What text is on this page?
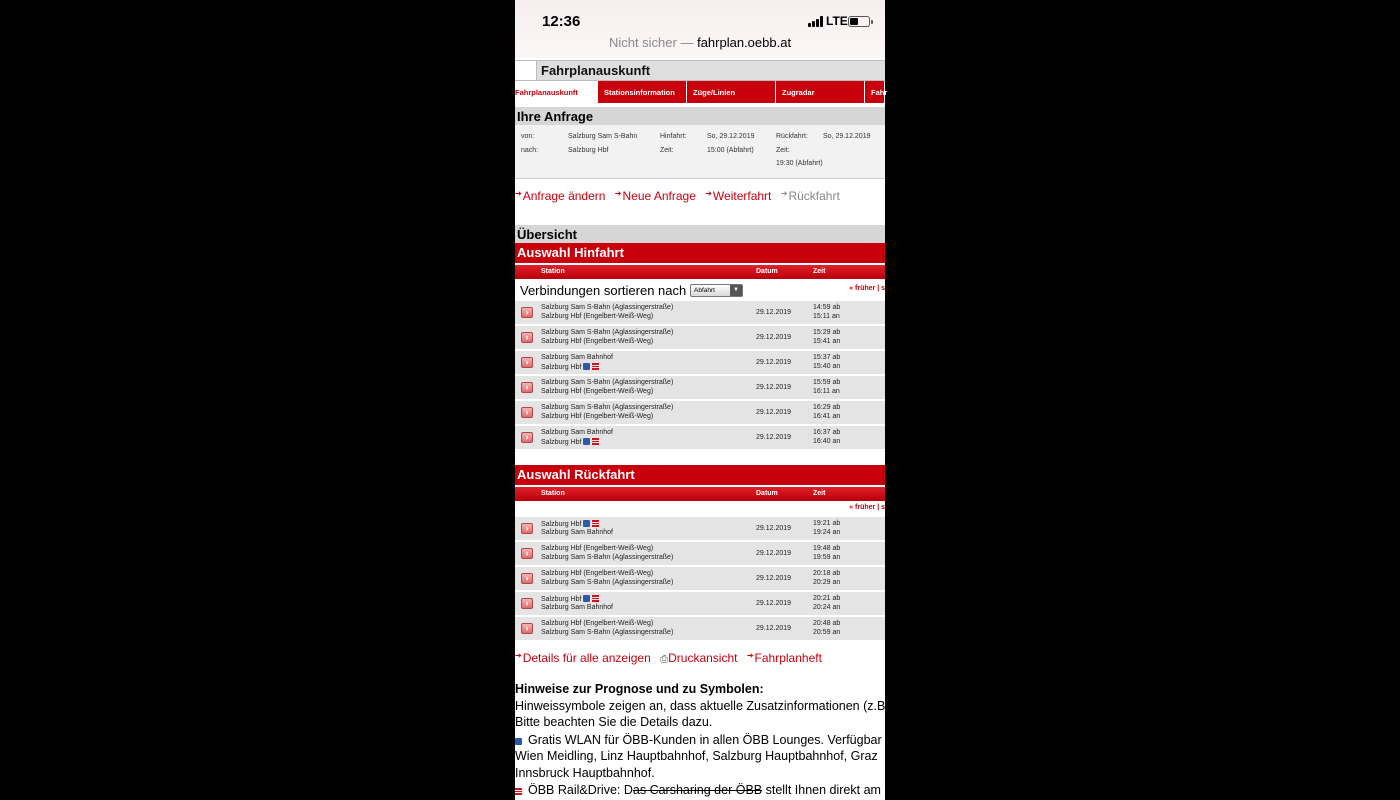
12:36	LTE
Nicht sicher — fahrplan.oebb.at
Fahrplanauskunft
Fahrplanauskunft	Stationsinformation	Züge/Linien	Zugradar	Fahr
Ihre Anfrage
von:	Salzburg Sam S-Bahn	Hinfahrt:	So, 29.12.2019	Rückfahrt: So, 29.12.2019
nach:	Salzburg Hbf	Zeit:	15:00 (Abfahrt)	Zeit:
19:30 (Abfahrt)
➔Anfrage ändern ➔Neue Anfrage ➔Weiterfahrt ➔Rückfahrt
Übersicht
Auswahl Hinfahrt
Station	Datum	Zeit
Verbindungen sortieren nach	Abfahrt	▼	« früher | s
›	Salzburg Sam S-Bahn (Aglassingerstraße)
Salzburg Hbf (Engelbert-Weiß-Weg)
29.12.2019
14:59 ab
15:11 an
›	Salzburg Sam S-Bahn (Aglassingerstraße)
Salzburg Hbf (Engelbert-Weiß-Weg)
29.12.2019
15:29 ab
15:41 an
›	Salzburg Sam Bahnhof
Salzburg Hbf
29.12.2019
15:37 ab
15:40 an
›	Salzburg Sam S-Bahn (Aglassingerstraße)
Salzburg Hbf (Engelbert-Weiß-Weg)
29.12.2019
15:59 ab
16:11 an
›	Salzburg Sam S-Bahn (Aglassingerstraße)
Salzburg Hbf (Engelbert-Weiß-Weg)
29.12.2019
16:29 ab
16:41 an
›	Salzburg Sam Bahnhof
Salzburg Hbf
29.12.2019
16:37 ab
16:40 an
Auswahl Rückfahrt
Station	Datum	Zeit
« früher | s
›	Salzburg Hbf
Salzburg Sam Bahnhof
29.12.2019
19:21 ab
19:24 an
›	Salzburg Hbf (Engelbert-Weiß-Weg)
Salzburg Sam S-Bahn (Aglassingerstraße)
29.12.2019
19:48 ab
19:59 an
›	Salzburg Hbf (Engelbert-Weiß-Weg)
Salzburg Sam S-Bahn (Aglassingerstraße)
29.12.2019
20:18 ab
20:29 an
›	Salzburg Hbf
Salzburg Sam Bahnhof
29.12.2019
20:21 ab
20:24 an
›	Salzburg Hbf (Engelbert-Weiß-Weg)
Salzburg Sam S-Bahn (Aglassingerstraße)
29.12.2019
20:48 ab
20:59 an
➔Details für alle anzeigen ⎙Druckansicht ➔Fahrplanheft
Hinweise zur Prognose und zu Symbolen:
Hinweissymbole zeigen an, dass aktuelle Zusatzinformationen (z.B
Bitte beachten Sie die Details dazu.
Gratis WLAN für ÖBB-Kunden in allen ÖBB Lounges. Verfügbar
Wien Meidling, Linz Hauptbahnhof, Salzburg Hauptbahnhof, Graz
Innsbruck Hauptbahnhof.
ÖBB Rail&Drive: Das Carsharing der ÖBB stellt Ihnen direkt am
